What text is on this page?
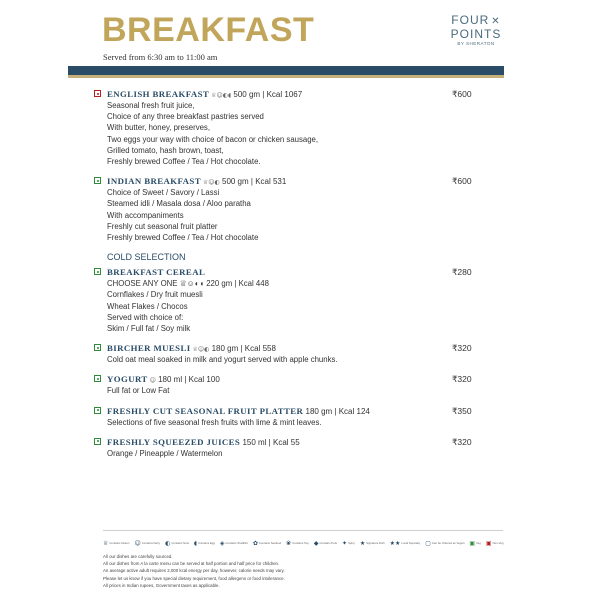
BREAKFAST
Served from 6:30 am to 11:00 am
FOUR ✕
POINTS
BY SHERATON
ENGLISH BREAKFAST ♕☺◐◖ 500 gm | Kcal 1067	₹600
Seasonal fresh fruit juice,
Choice of any three breakfast pastries served
With butter, honey, preserves,
Two eggs your way with choice of bacon or chicken sausage,
Grilled tomato, hash brown, toast,
Freshly brewed Coffee / Tea / Hot chocolate.
INDIAN BREAKFAST ♕☺◐ 500 gm | Kcal 531	₹600
Choice of Sweet / Savory / Lassi
Steamed idli / Masala dosa / Aloo paratha
With accompaniments
Freshly cut seasonal fruit platter
Freshly brewed Coffee / Tea / Hot chocolate
COLD SELECTION
BREAKFAST CEREAL	₹280
CHOOSE ANY ONE ♕☺◐◖ 220 gm | Kcal 448
Cornflakes / Dry fruit muesli
Wheat Flakes / Chocos
Served with choice of:
Skim / Full fat / Soy milk
BIRCHER MUESLI ♕☺◐ 180 gm | Kcal 558	₹320
Cold oat meal soaked in milk and yogurt served with apple chunks.
YOGURT ☺ 180 ml | Kcal 100	₹320
Full fat or Low Fat
FRESHLY CUT SEASONAL FRUIT PLATTER 180 gm | Kcal 124	₹350
Selections of five seasonal fresh fruits with lime & mint leaves.
FRESHLY SQUEEZED JUICES 150 ml | Kcal 55	₹320
Orange / Pineapple / Watermelon
♕ Contains Gluten ☺ Contains Dairy ◐ Contains Nuts ◖ Contains Egg ◈ Contains Shellfish ✿ Contains Seafood ❀ Contains Soy ◆ Contains Pork ✦ Spicy ★ Signature Dish ★★ Local Specialty ▢ Can be Ordered as Vegan ▣ Veg ▣ Non-Veg
All our dishes are carefully sourced.
All our dishes from A la carte menu can be served at half portion and half price for children.
An average active adult requires 2,000 kcal energy per day, however, calorie needs may vary.
Please let us know if you have special dietary requirement, food allergens or food intolerance.
All prices in Indian rupees, Government taxes as applicable.
